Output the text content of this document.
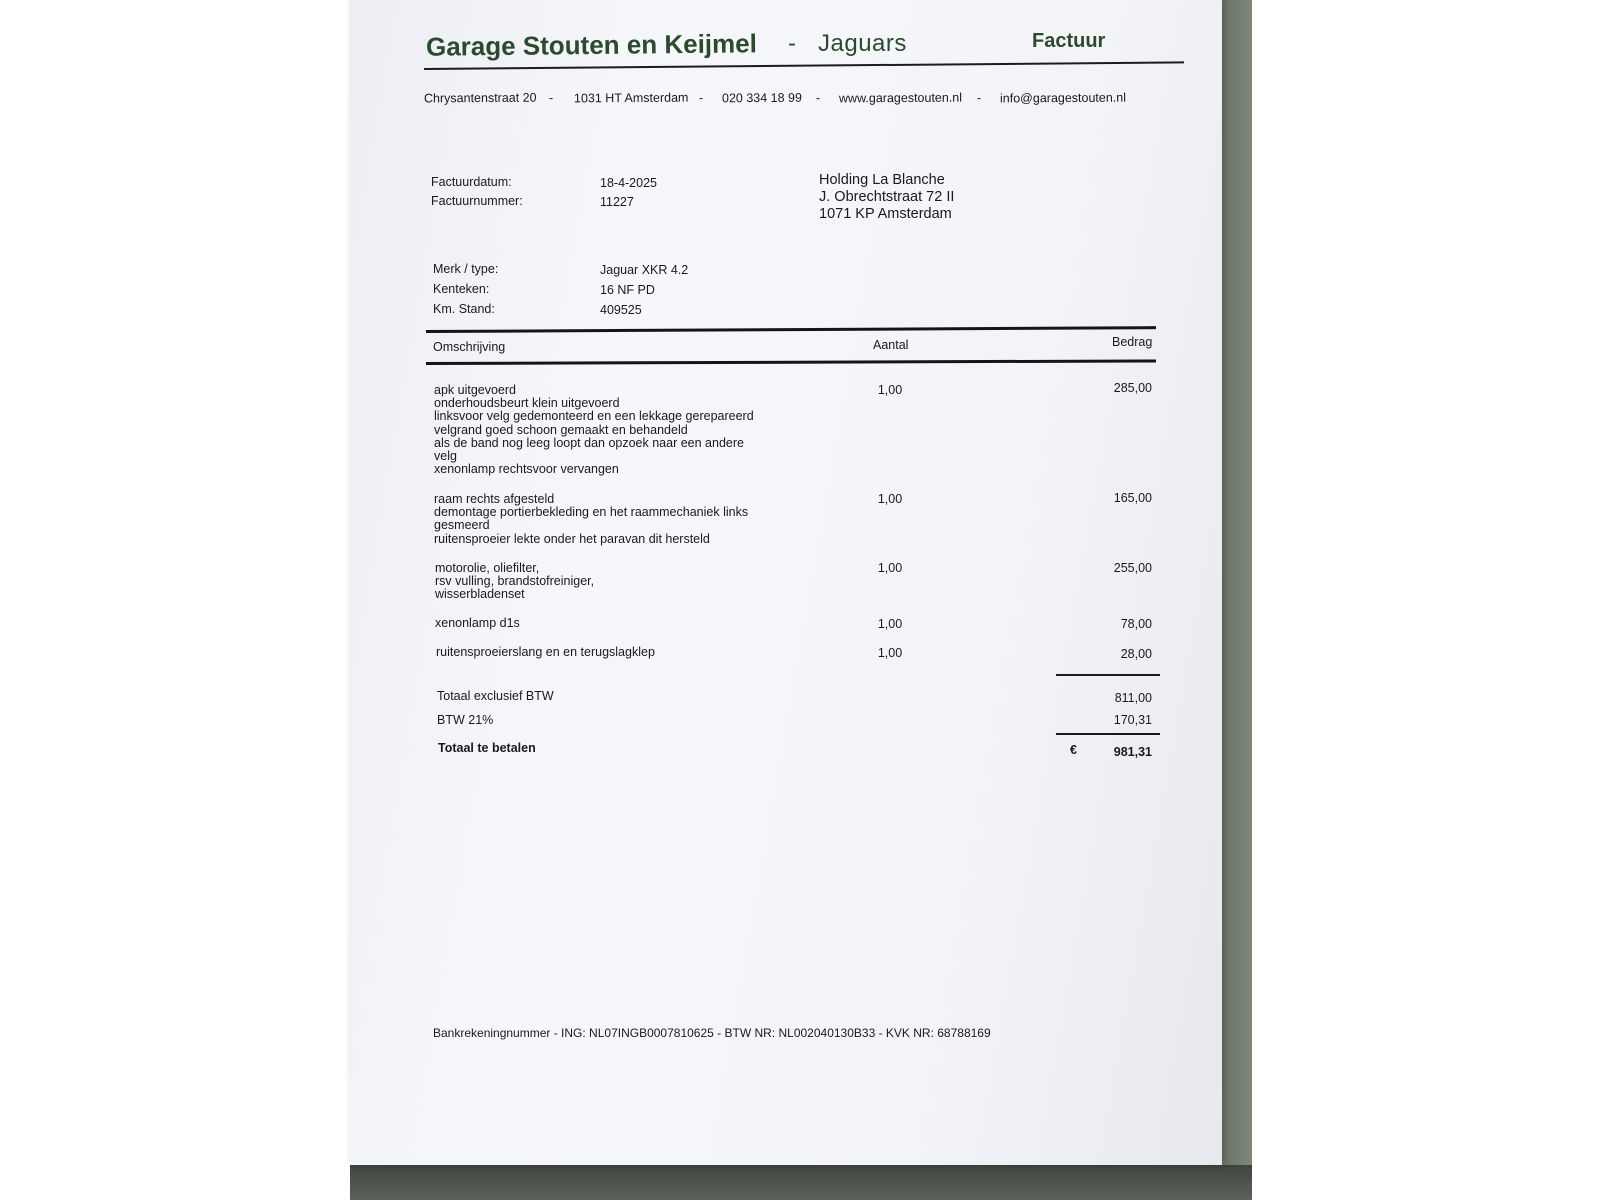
Garage Stouten en Keijmel - Jaguars	Factuur
Chrysantenstraat 20 - 1031 HT Amsterdam - 020 334 18 99 - www.garagestouten.nl - info@garagestouten.nl
Factuurdatum:	18-4-2025
Factuurnummer:	11227
Holding La Blanche
J. Obrechtstraat 72 II
1071 KP Amsterdam
Merk / type:	Jaguar XKR 4.2
Kenteken:	16 NF PD
Km. Stand:	409525
Omschrijving	Aantal	Bedrag
apk uitgevoerd
onderhoudsbeurt klein uitgevoerd
linksvoor velg gedemonteerd en een lekkage gerepareerd
velgrand goed schoon gemaakt en behandeld
als de band nog leeg loopt dan opzoek naar een andere
velg
xenonlamp rechtsvoor vervangen
1,00	285,00
raam rechts afgesteld
demontage portierbekleding en het raammechaniek links
gesmeerd
ruitensproeier lekte onder het paravan dit hersteld
1,00	165,00
motorolie, oliefilter,
rsv vulling, brandstofreiniger,
wisserbladenset
1,00	255,00
xenonlamp d1s	1,00	78,00
ruitensproeierslang en en terugslagklep	1,00	28,00
Totaal exclusief BTW	811,00
BTW 21%	170,31
Totaal te betalen	€	981,31
Bankrekeningnummer - ING: NL07INGB0007810625 - BTW NR: NL002040130B33 - KVK NR: 68788169
